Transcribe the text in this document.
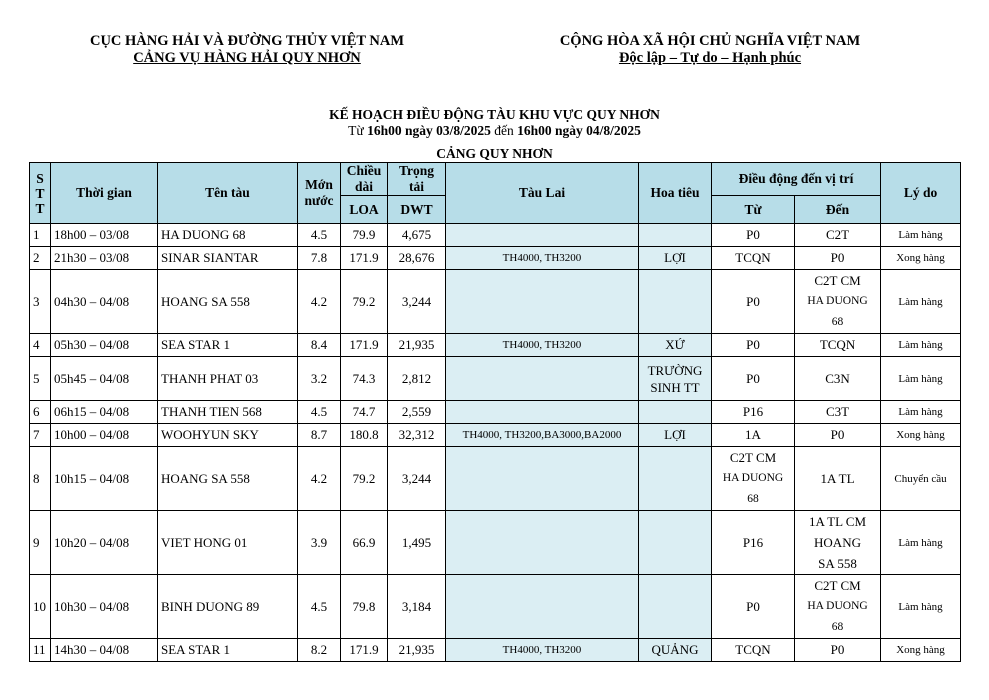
CỤC HÀNG HẢI VÀ ĐƯỜNG THỦY VIỆT NAM
CẢNG VỤ HÀNG HẢI QUY NHƠN
CỘNG HÒA XÃ HỘI CHỦ NGHĨA VIỆT NAM
Độc lập – Tự do – Hạnh phúc
KẾ HOẠCH ĐIỀU ĐỘNG TÀU KHU VỰC QUY NHƠN
Từ 16h00 ngày 03/8/2025 đến 16h00 ngày 04/8/2025
CẢNG QUY NHƠN
STT	Thời gian	Tên tàu	Mớn nước	Chiều dài	Trọng tải	Tàu Lai	Hoa tiêu	Điều động đến vị trí		Lý do
				LOA	DWT			Từ	Đến	
1	18h00 – 03/08	HA DUONG 68	4.5	79.9	4,675			P0	C2T	Làm hàng
2	21h30 – 03/08	SINAR SIANTAR	7.8	171.9	28,676	TH4000, TH3200	LỢI	TCQN	P0	Xong hàng
3	04h30 – 04/08	HOANG SA 558	4.2	79.2	3,244			P0	C2T CM
HA DUONG
68	Làm hàng
4	05h30 – 04/08	SEA STAR 1	8.4	171.9	21,935	TH4000, TH3200	XỨ	P0	TCQN	Làm hàng
5	05h45 – 04/08	THANH PHAT 03	3.2	74.3	2,812		TRƯỜNG
SINH TT	P0	C3N	Làm hàng
6	06h15 – 04/08	THANH TIEN 568	4.5	74.7	2,559			P16	C3T	Làm hàng
7	10h00 – 04/08	WOOHYUN SKY	8.7	180.8	32,312	TH4000, TH3200,BA3000,BA2000	LỢI	1A	P0	Xong hàng
8	10h15 – 04/08	HOANG SA 558	4.2	79.2	3,244			C2T CM
HA DUONG
68	1A TL	Chuyển cầu
9	10h20 – 04/08	VIET HONG 01	3.9	66.9	1,495			P16	1A TL CM
HOANG
SA 558	Làm hàng
10	10h30 – 04/08	BINH DUONG 89	4.5	79.8	3,184			P0	C2T CM
HA DUONG
68	Làm hàng
11	14h30 – 04/08	SEA STAR 1	8.2	171.9	21,935	TH4000, TH3200	QUẢNG	TCQN	P0	Xong hàng
